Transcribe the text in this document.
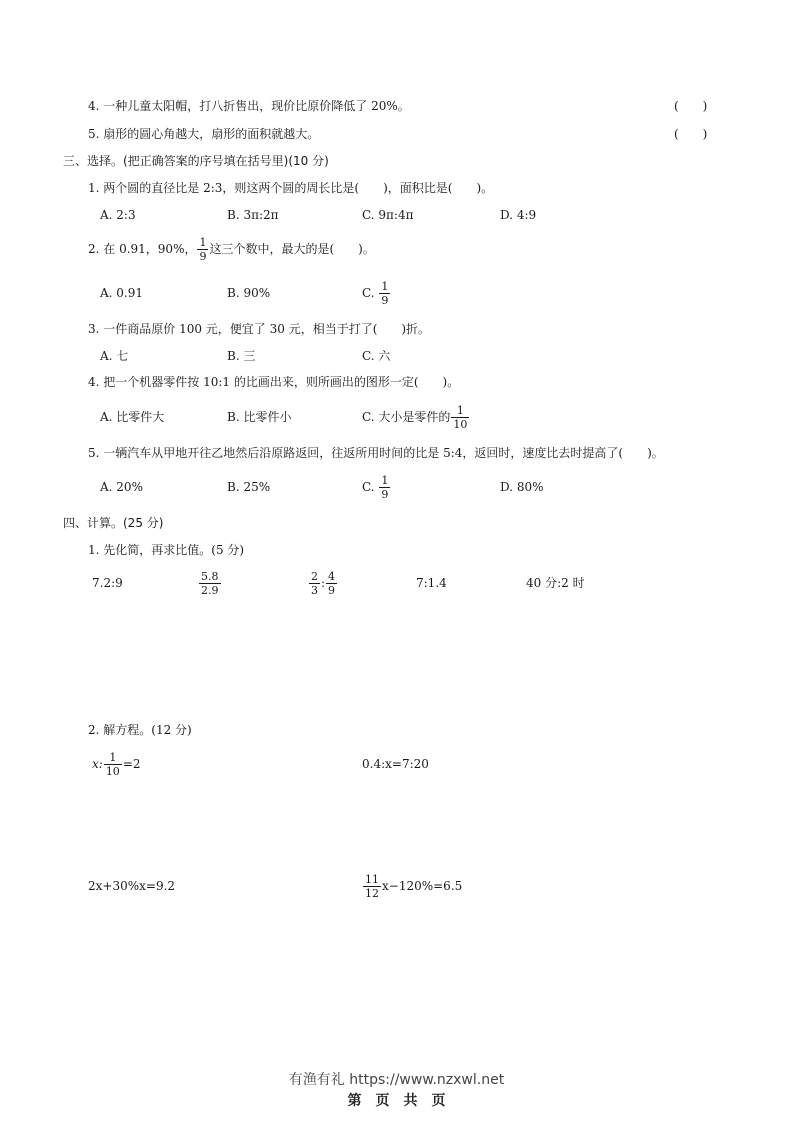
4. 一种儿童太阳帽，打八折售出，现价比原价降低了 20%。	(　　)
5. 扇形的圆心角越大，扇形的面积就越大。	(　　)
三、选择。(把正确答案的序号填在括号里)(10 分)
1. 两个圆的直径比是 2:3，则这两个圆的周长比是(　　)，面积比是(　　)。
A. 2:3	B. 3π:2π	C. 9π:4π	D. 4:9
2. 在 0.91，90%， $\frac{1}{9}$ 这三个数中，最大的是(　　)。
A. 0.91	B. 90%	C. $\frac{1}{9}$
3. 一件商品原价 100 元，便宜了 30 元，相当于打了(　　)折。
A. 七	B. 三	C. 六
4. 把一个机器零件按 10:1 的比画出来，则所画出的图形一定(　　)。
A. 比零件大	B. 比零件小	C. 大小是零件的 $\frac{1}{10}$
5. 一辆汽车从甲地开往乙地然后沿原路返回，往返所用时间的比是 5:4，返回时，速度比去时提高了(　　)。
A. 20%	B. 25%	C. $\frac{1}{9}$	D. 80%
四、计算。(25 分)
1. 先化简，再求比值。(5 分)
7.2:9	$\frac{5.8}{2.9}$	$\frac{2}{3}$ : $\frac{4}{9}$	7:1.4	40 分:2 时
2. 解方程。(12 分)
x: $\frac{1}{10} =2$	0.4:x=7:20
2x+30%x=9.2	$\frac{11}{12} x-120\%=6.5$
有渔有礼 https://www.nzxwl.net
第　页　共　页
